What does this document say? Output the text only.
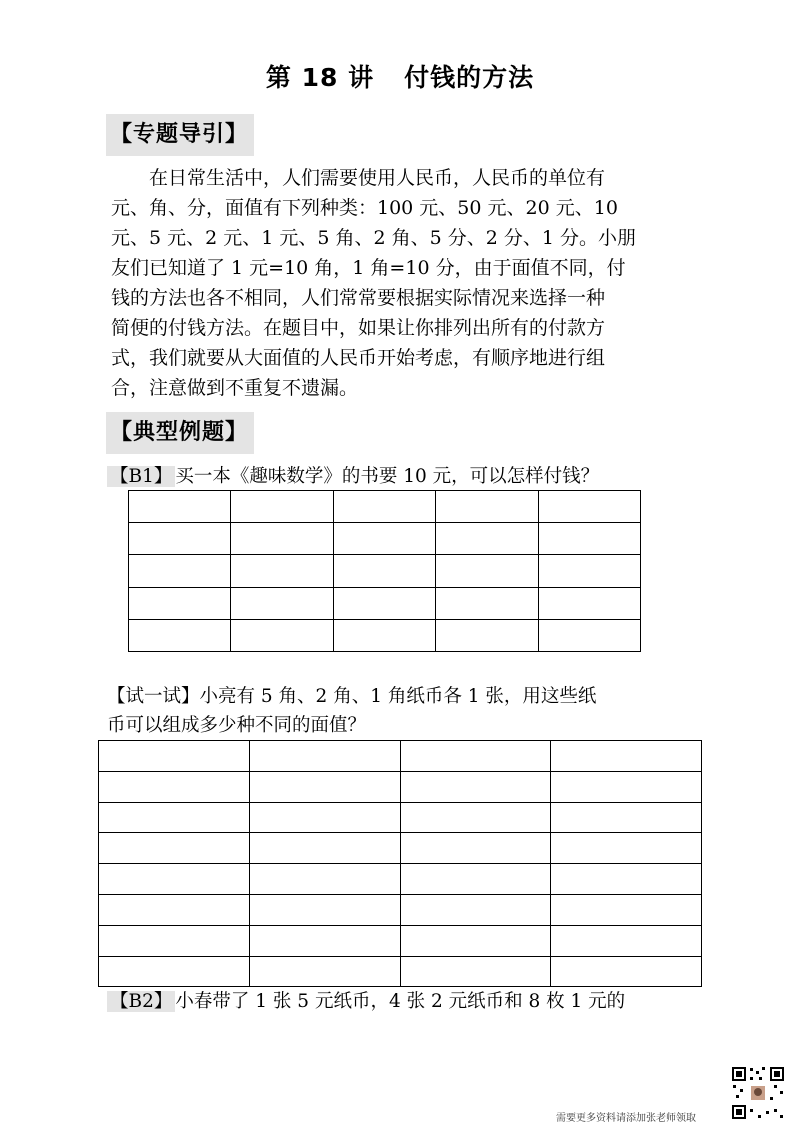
第 18 讲 付钱的方法
【专题导引】
　　在日常生活中，人们需要使用人民币，人民币的单位有
元、角、分，面值有下列种类：100 元、50 元、20 元、10
元、5 元、2 元、1 元、5 角、2 角、5 分、2 分、1 分。小朋
友们已知道了 1 元=10 角，1 角=10 分，由于面值不同，付
钱的方法也各不相同，人们常常要根据实际情况来选择一种
简便的付钱方法。在题目中，如果让你排列出所有的付款方
式，我们就要从大面值的人民币开始考虑，有顺序地进行组
合，注意做到不重复不遗漏。
【典型例题】
【B1】 买一本《趣味数学》的书要 10 元，可以怎样付钱？

【试一试】小亮有 5 角、2 角、1 角纸币各 1 张，用这些纸
币可以组成多少种不同的面值？

【B2】 小春带了 1 张 5 元纸币，4 张 2 元纸币和 8 枚 1 元的
需要更多资料请添加张老师领取
